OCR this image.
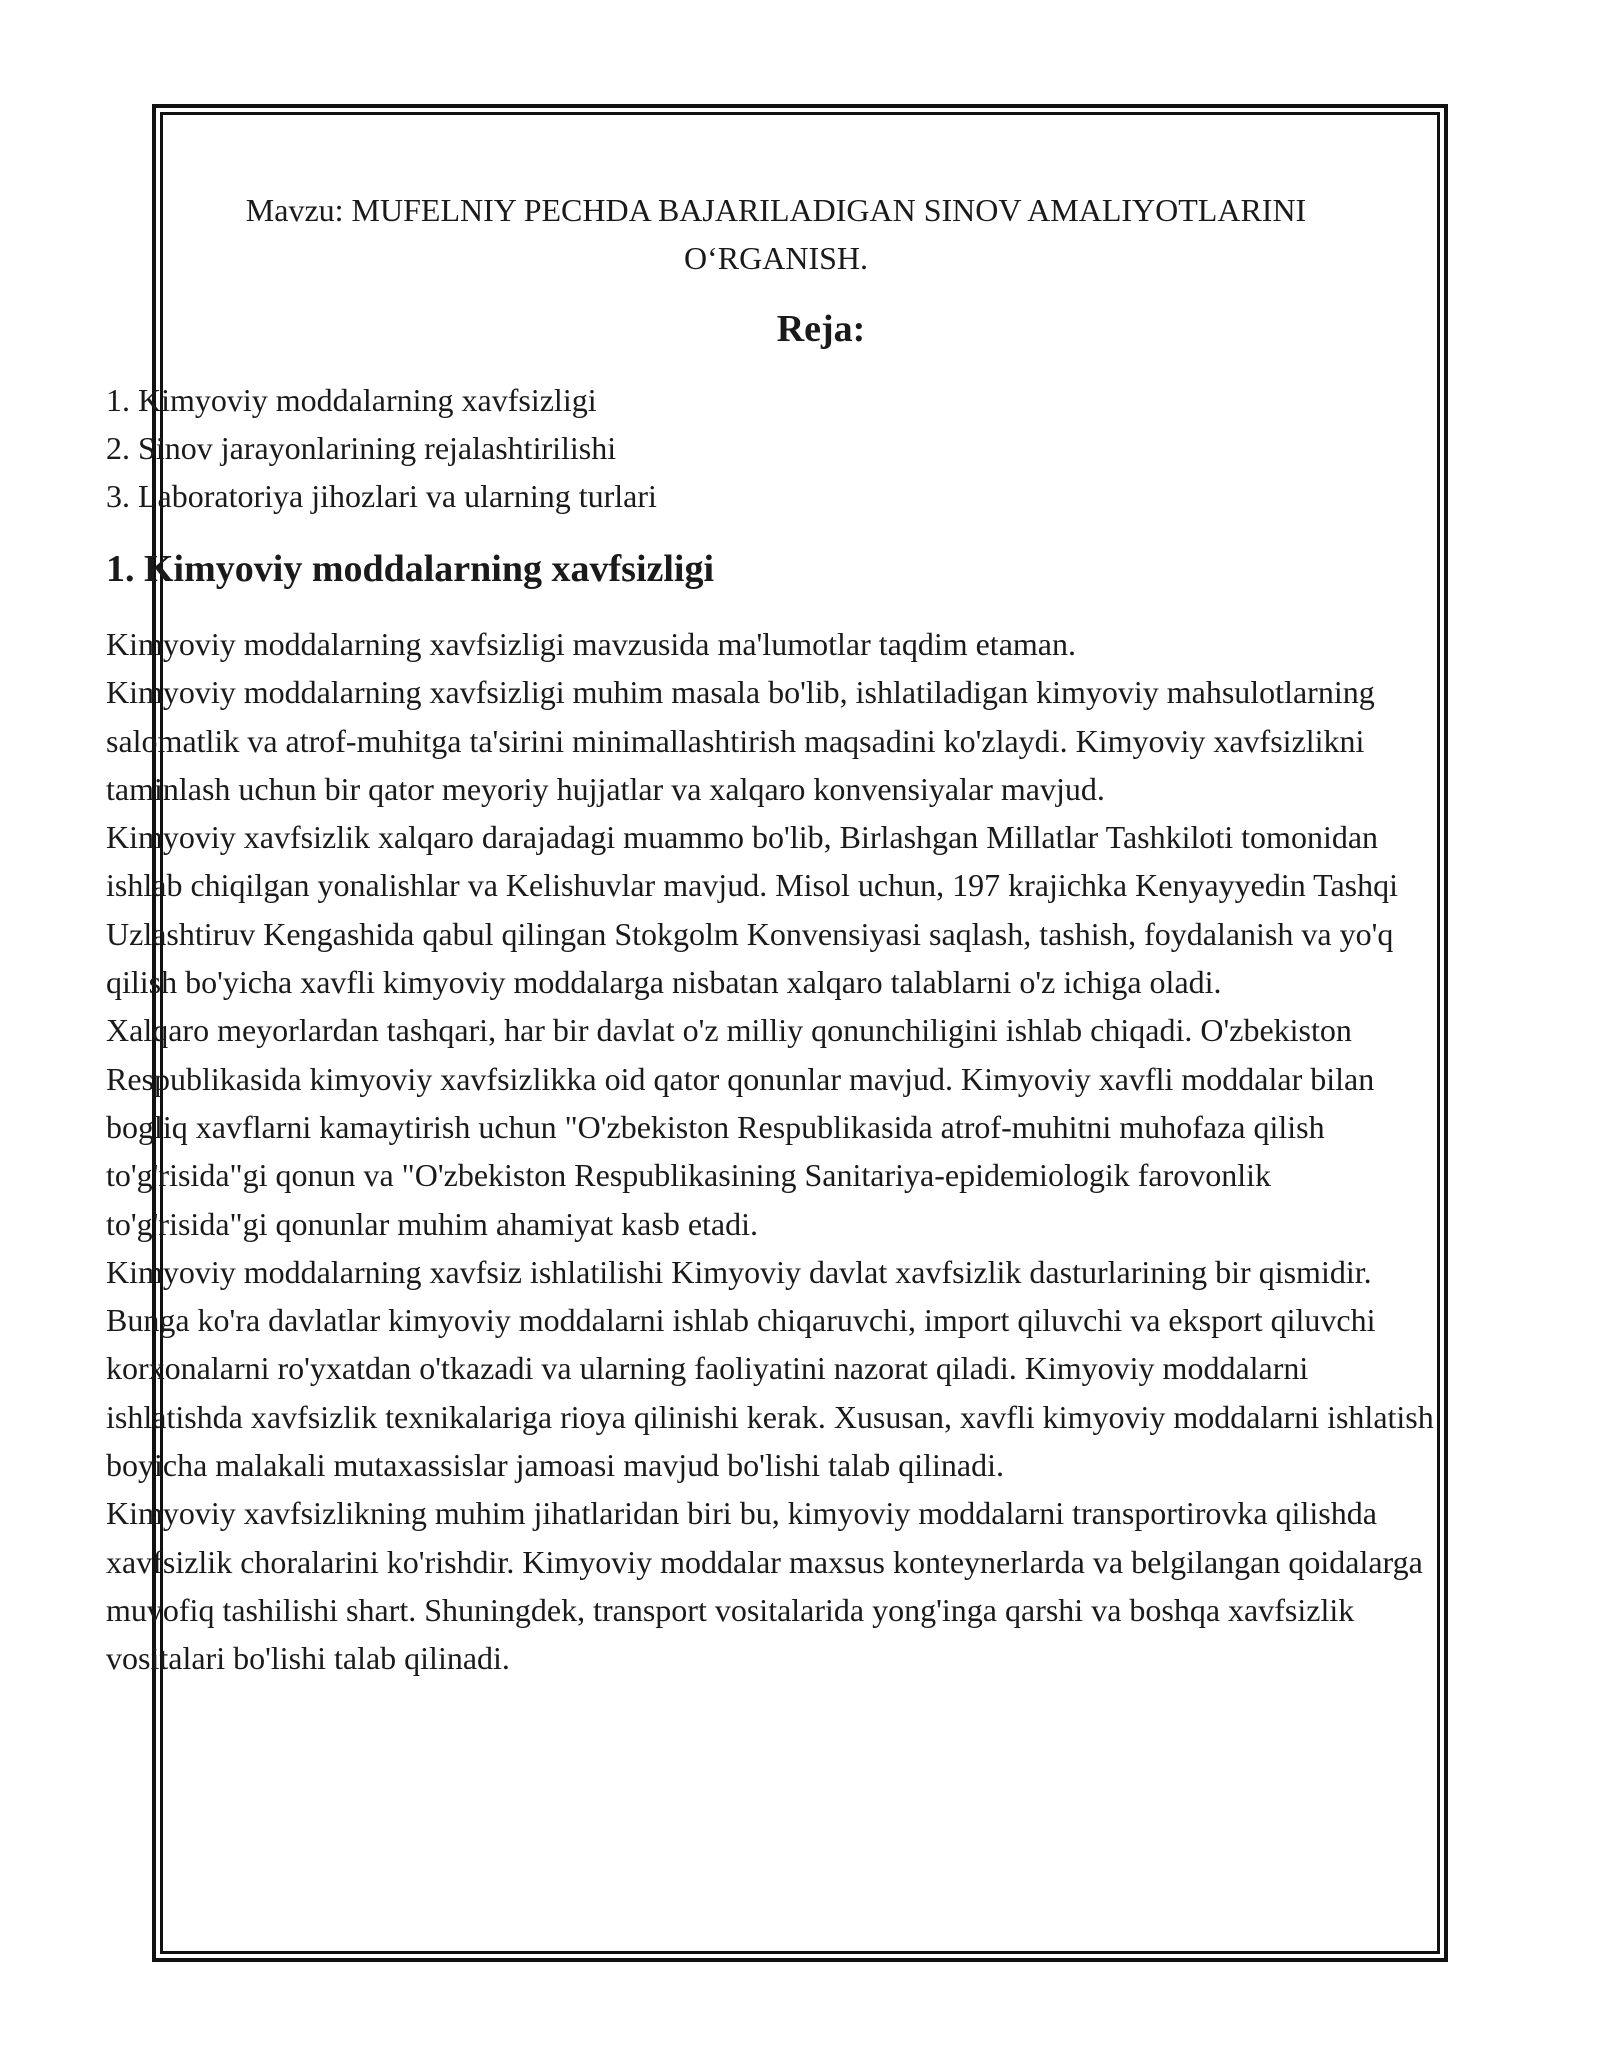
Mavzu: MUFELNIY PECHDA BAJARILADIGAN SINOV AMALIYOTLARINI O‘RGANISH.

Reja:

1. Kimyoviy moddalarning xavfsizligi
2. Sinov jarayonlarining rejalashtirilishi
3. Laboratoriya jihozlari va ularning turlari
1. Kimyoviy moddalarning xavfsizligi

Kimyoviy moddalarning xavfsizligi mavzusida ma'lumotlar taqdim etaman.

Kimyoviy moddalarning xavfsizligi muhim masala bo'lib, ishlatiladigan kimyoviy mahsulotlarning salomatlik va atrof-muhitga ta'sirini minimallashtirish maqsadini ko'zlaydi. Kimyoviy xavfsizlikni taminlash uchun bir qator meyoriy hujjatlar va xalqaro konvensiyalar mavjud.

Kimyoviy xavfsizlik xalqaro darajadagi muammo bo'lib, Birlashgan Millatlar Tashkiloti tomonidan ishlab chiqilgan yonalishlar va Kelishuvlar mavjud. Misol uchun, 197 krajichka Kenyayyedin Tashqi Uzlashtiruv Kengashida qabul qilingan Stokgolm Konvensiyasi saqlash, tashish, foydalanish va yo'q qilish bo'yicha xavfli kimyoviy moddalarga nisbatan xalqaro talablarni o'z ichiga oladi.

Xalqaro meyorlardan tashqari, har bir davlat o'z milliy qonunchiligini ishlab chiqadi. O'zbekiston Respublikasida kimyoviy xavfsizlikka oid qator qonunlar mavjud. Kimyoviy xavfli moddalar bilan bogliq xavflarni kamaytirish uchun "O'zbekiston Respublikasida atrof-muhitni muhofaza qilish to'g'risida"gi qonun va "O'zbekiston Respublikasining Sanitariya-epidemiologik farovonlik to'g'risida"gi qonunlar muhim ahamiyat kasb etadi.

Kimyoviy moddalarning xavfsiz ishlatilishi Kimyoviy davlat xavfsizlik dasturlarining bir qismidir. Bunga ko'ra davlatlar kimyoviy moddalarni ishlab chiqaruvchi, import qiluvchi va eksport qiluvchi korxonalarni ro'yxatdan o'tkazadi va ularning faoliyatini nazorat qiladi. Kimyoviy moddalarni ishlatishda xavfsizlik texnikalariga rioya qilinishi kerak. Xususan, xavfli kimyoviy moddalarni ishlatish boyicha malakali mutaxassislar jamoasi mavjud bo'lishi talab qilinadi.

Kimyoviy xavfsizlikning muhim jihatlaridan biri bu, kimyoviy moddalarni transportirovka qilishda xavfsizlik choralarini ko'rishdir. Kimyoviy moddalar maxsus konteynerlarda va belgilangan qoidalarga muvofiq tashilishi shart. Shuningdek, transport vositalarida yong'inga qarshi va boshqa xavfsizlik vositalari bo'lishi talab qilinadi.
